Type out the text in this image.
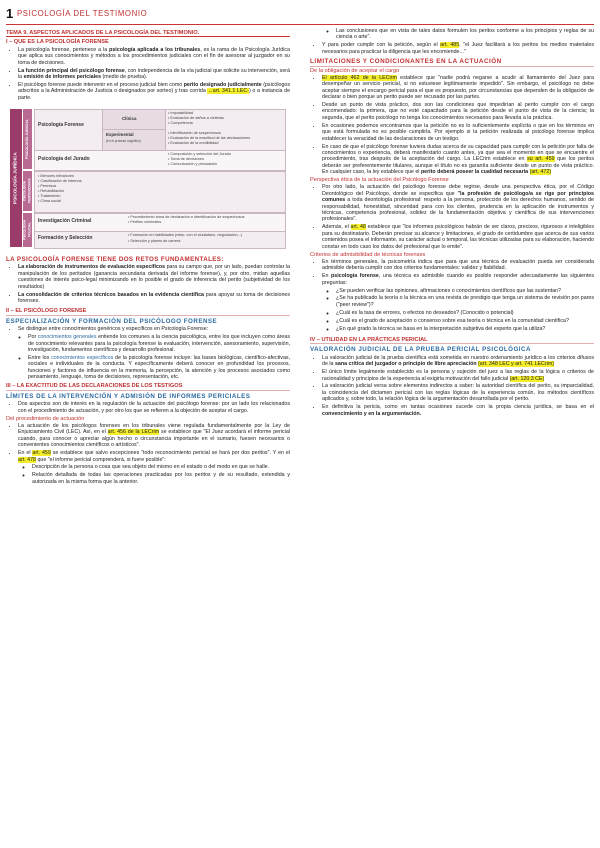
1 PSICOLOGÍA DEL TESTIMONIO
TEMA 9. ASPECTOS APLICADOS DE LA PSICOLOGÍA DEL TESTIMONIO.
I – QUE ES LA PSICOLOGÍA FORENSE
• La psicología forense, pertenece a la psicología aplicada a los tribunales, es la rama de la Psicología Jurídica que aplica sus conocimientos y métodos a los procedimientos judiciales con el fin de asesorar al juzgador en su toma de decisiones.
• La función principal del psicólogo forense, con independencia de la vía judicial que solicite su intervención, será la emisión de informes periciales (medio de prueba).
• El psicólogo forense puede intervenir en el proceso judicial bien como perito designado judicialmente (psicólogos adscritos a la Administración de Justicia o designados por sorteo) y tras corrida →art. 341.1 LEC-) o a instancia de parte.
PSICOLOGÍA JURÍDICA
PSICOLOGÍA JUDICIAL
PSICOLOGÍA PENITENCIARIA
PSICOLOGÍA POLICIAL
Psicología Forense
Clínica
• Imputabilidad
• Evaluación de daños a víctimas
• Competencia
Experimental
(en el proceso cognitivo)
• Identificación de sospechosos
• Evaluación de la exactitud de las declaraciones
• Evaluación de la credibilidad
Psicología del Jurado
• Composición y selección del Jurado
• Toma de decisiones
• Comunicación y persuasión
• Menores infractores
• Clasificación de internos
• Permisos
• Rehabilitación
• Tratamiento
• Clima social
Investigación Criminal
• Procedimiento toma de declaración e identificación de sospechosos
• Perfiles criminales
Formación y Selección	• Formación en habilidades (relac. con el ciudadano, negociación...)
• Selección y planes de carrera
LA PSICOLOGÍA FORENSE TIENE DOS RETOS FUNDAMENTALES:
• La elaboración de instrumentos de evaluación específicos para su campo que, por un lado, puedan controlar la manipulación de los peritados (ganancia secundaria derivada del informe forense), y, por otro, midan aquellas cuestiones de interés psico-legal minimizando en lo posible el grado de inferencia del perito (subjetividad de los resultados)
• La consolidación de criterios técnicos basados en la evidencia científica para apoyar su toma de decisiones forenses.
II – EL PSICÓLOGO FORENSE
ESPECIALIZACIÓN Y FORMACIÓN DEL PSICÓLOGO FORENSE
• Se distingue entre conocimientos genéricos y específicos en Psicología Forense:
◦ Por conocimientos generales entiende los comunes a la ciencia psicológica, entre los que incluyen como áreas de conocimiento relevantes para la psicología forense la evaluación, intervención, asesoramiento, supervisión, investigación, fundamentos científicos y desarrollo profesional.
◦ Entre los conocimientos específicos de la psicología forense incluye: las bases biológicas, científico-afectivas, sociales e individuales de la conducta. Y específicamente deberá conocer en profundidad los procesos, funciones y factores de influencia en la memoria, la percepción, la atención y los procesos asociados como pensamiento, lenguaje, toma de decisiones, representación, etc.
III – LA EXACTITUD DE LAS DECLARACIONES DE LOS TESTIGOS
LÍMITES DE LA INTERVENCIÓN Y ADMISIÓN DE INFORMES PERICIALES
• Dos aspectos son de interés en la regulación de la actuación del psicólogo forense: por un lado los relacionados con el procedimiento de actuación, y por otro los que se refieren a la objeción de aceptar el cargo.
Del procedimiento de actuación
• La actuación de los psicólogos forenses en los tribunales viene regulada fundamentalmente por la Ley de Enjuiciamiento Civil (LEC). Así, en el art. 456 de la LECrim se establece que "El Juez acordará el informe pericial cuando, para conocer o apreciar algún hecho o circunstancia importante en el sumario, fuesen necesarios o convenientes conocimientos científicos o artísticos".
• En el art. 459 se establece que salvo excepciones "todo reconocimiento pericial se hará por dos peritos". Y en el art. 478 que "el informe pericial comprenderá, si fuere posible":
◦ Descripción de la persona o cosa que sea objeto del mismo en el estado o del modo en que se halle.
◦ Relación detallada de todas las operaciones practicadas por los peritos y de su resultado, extendida y autorizada en la misma forma que la anterior.
◦ Las conclusiones que en vista de tales datos formulen los peritos conforme a los principios y reglas de su ciencia o arte".
• Y para poder cumplir con la petición, según el art. 485, "el Juez facilitará a los peritos los medios materiales necesarios para practicar la diligencia que les encomiende..."
LIMITACIONES Y CONDICIONANTES EN LA ACTUACIÓN
De la obligación de aceptar el cargo
• El artículo 462 de la LECrim establece que "nadie podrá negarse a acudir al llamamiento del Juez para desempeñar un servicio pericial, si no estuviese legítimamente impedido". Sin embargo, el psicólogo no debe aceptar siempre el encargo pericial para el que es propuesto, por circunstancias que dependen de la obligación de declarar o bien porque un perito puede ser recusado por las partes.
• Desde un punto de vista práctico, dos son las condiciones que impedirían al perito cumplir con el cargo encomendado: la primera, que no esté capacitado para la petición desde el punto de vista de la ciencia; la segunda, que el perito psicólogo no tenga los conocimientos necesarios para llevarla a la práctica.
• En ocasiones podemos encontrarnos que la petición no es lo suficientemente explícita o que en los términos en que está formulada no es posible cumplirla. Por ejemplo si la petición realizada al psicólogo forense implica establecer la veracidad de las declaraciones de un testigo.
• En caso de que el psicólogo forense tuviera dudas acerca de su capacidad para cumplir con la petición por falta de conocimientos o experiencia, deberá manifestarlo cuanto antes, ya que sea el momento en que se encuentre el procedimiento, tras después de la aceptación del cargo. La LECrim establece en su art. 459 que los peritos deberán ser preferentemente titulares, aunque el título no es garantía suficiente desde un punto de vista práctico. En cualquier caso, la ley establece que el perito deberá poseer la cualidad necesaria (art. 472)
Perspectiva ética de la actuación del Psicólogo Forense
• Por otro lado, la actuación del psicólogo forense debe regirse, desde una perspectiva ética, por el Código Deontológico del Psicólogo, donde se especifica que "la profesión de psicólogo/a se rige por principios comunes a toda deontología profesional: respeto a la persona, protección de los derechos humanos, sentido de responsabilidad, honestidad, sinceridad para con los clientes, prudencia en la aplicación de instrumentos y técnicas, competencia profesional, solidez de la fundamentación objetiva y científica de sus intervenciones profesionales".
• Además, el art. 48 establece que "los informes psicológicos habrán de ser claros, precisos, rigurosos e inteligibles para su destinatario. Deberán precisar su alcance y limitaciones, el grado de certidumbre que acerca de sus varios contenidos posea el informante, su carácter actual o temporal, las técnicas utilizadas para su elaboración, haciendo constar en todo caso los datos del profesional que lo emite".
Criterios de admisibilidad de técnicas forenses
• En términos generales, la psicometría indica que para que una técnica de evaluación pueda ser considerada admisible debería cumplir con dos criterios fundamentales: validez y fiabilidad.
• En psicología forense, una técnica es admisible cuando es posible responder adecuadamente las siguientes preguntas:
◦ ¿Se pueden verificar las opiniones, afirmaciones o conocimientos científicos que las sustentan?
◦ ¿Se ha publicado la teoría o la técnica en una revista de prestigio que tenga un sistema de revisión por pares ("peer review")?
◦ ¿Cuál es la tasa de errores, o efectos no deseados? (Conocido o potencial)
◦ ¿Cuál es el grado de aceptación o consenso sobre esa teoría o técnica en la comunidad científica?
◦ ¿En qué grado la técnica se basa en la interpretación subjetiva del experto que la utiliza?
IV – UTILIDAD EN LA PRÁCTICAS PERICIAL
VALORACIÓN JUDICIAL DE LA PRUEBA PERICIAL PSICOLÓGICA
• La valoración judicial de la prueba científica está sometida en nuestro ordenamiento jurídico a los criterios difusos de la sana crítica del juzgador o principio de libre apreciación (art. 348 LEC y art. 741 LECrim)
• El único límite legalmente establecido es la persona y sujeción del juez a las reglas de la lógica o criterios de racionalidad y principios de la experiencia al exigirla motivación del fallo judicial (art. 120.3 CE)
• La valoración judicial versa sobre elementos indirectos a saber: la autoridad científica del perito, su imparcialidad, la coincidencia del dictamen pericial con las reglas lógicas de la experiencia común, los métodos científicos aplicados y, sobre todo, la relación lógica de la argumentación desarrollada por el perito.
• En definitiva la pericia, como en tantas ocasiones sucede con la propia ciencia jurídica, se basa en el convencimiento y en la argumentación.
